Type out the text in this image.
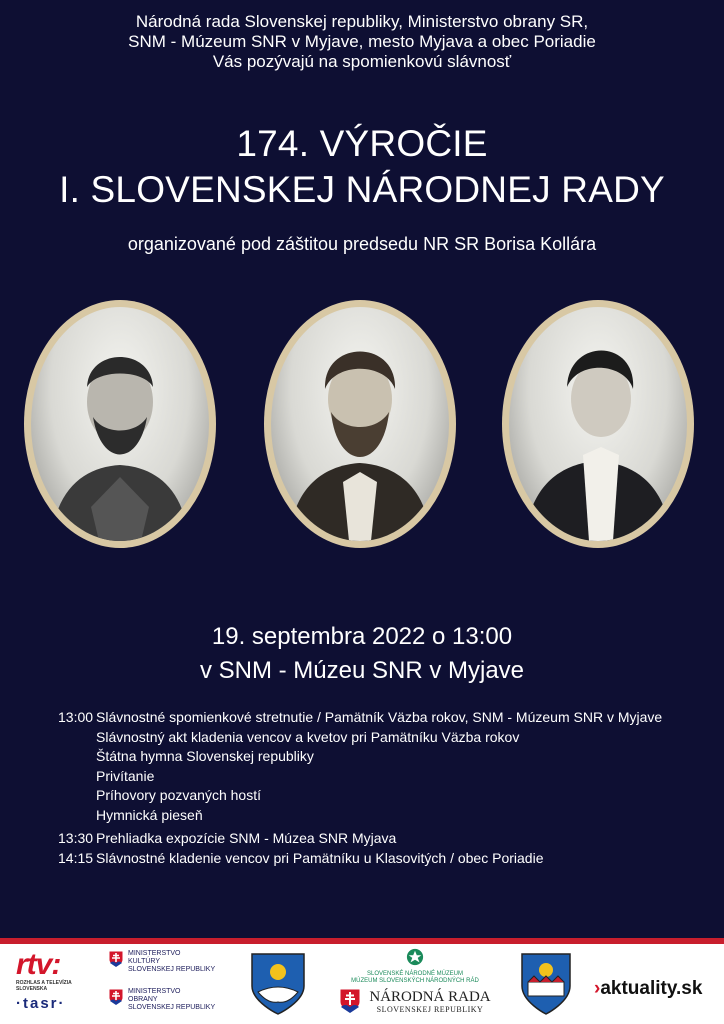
Národná rada Slovenskej republiky, Ministerstvo obrany SR,
SNM - Múzeum SNR v Myjave, mesto Myjava a obec Poriadie
Vás pozývajú na spomienkovú slávnosť
174. VÝROČIE
I. SLOVENSKEJ NÁRODNEJ RADY
organizované pod záštitou predsedu NR SR Borisa Kollára
19. septembra 2022 o 13:00
v SNM - Múzeu SNR v Myjave
13:00 Slávnostné spomienkové stretnutie / Pamätník Väzba rokov, SNM - Múzeum SNR v Myjave
Slávnostný akt kladenia vencov a kvetov pri Pamätníku Väzba rokov
Štátna hymna Slovenskej republiky
Privítanie
Príhovory pozvaných hostí
Hymnická pieseň
13:30 Prehliadka expozície SNM - Múzea SNR Myjava
14:15 Slávnostné kladenie vencov pri Pamätníku u Klasovitých / obec Poriadie
rtv:
ROZHLAS A TELEVÍZIA
SLOVENSKA
·tasr·
MINISTERSTVO
KULTÚRY
SLOVENSKEJ REPUBLIKY
MINISTERSTVO
OBRANY
SLOVENSKEJ REPUBLIKY
SLOVENSKÉ NÁRODNÉ MÚZEUM
MÚZEUM SLOVENSKÝCH NÁRODNÝCH RÁD
NÁRODNÁ RADA
SLOVENSKEJ REPUBLIKY
›aktuality.sk
